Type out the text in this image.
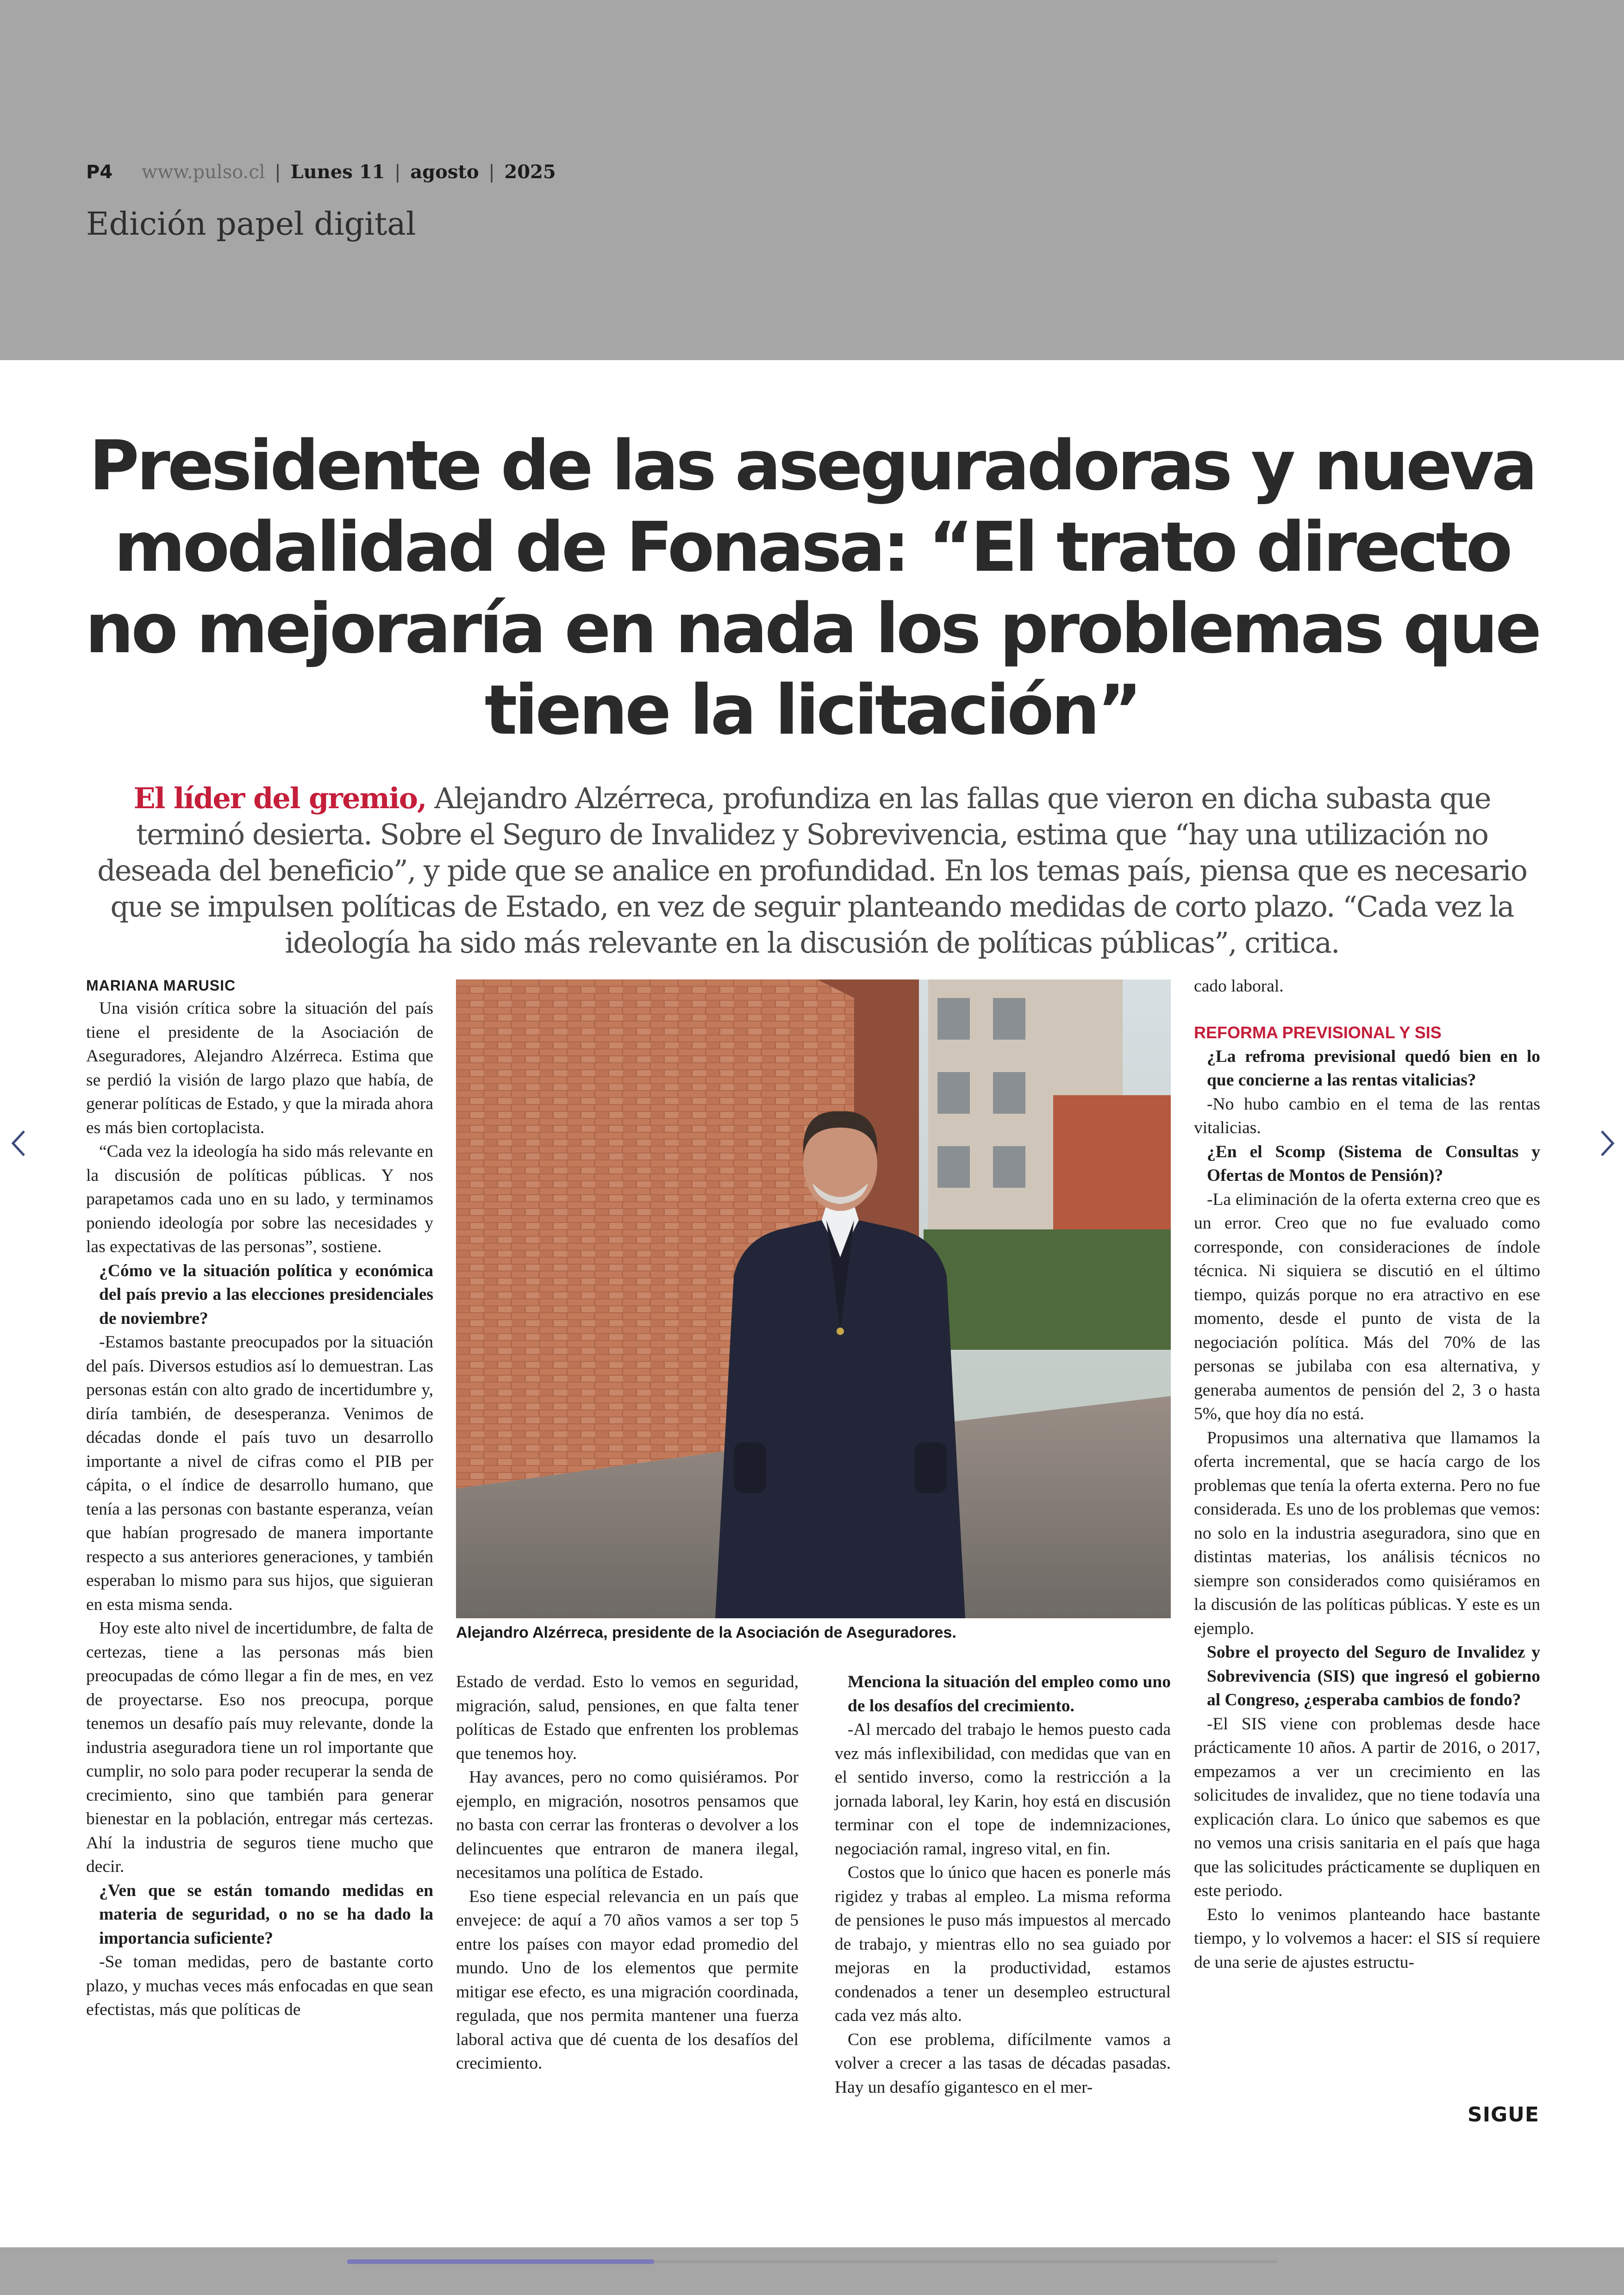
P4 www.pulso.cl | Lunes 11 | agosto | 2025
Edición papel digital
Presidente de las aseguradoras y nueva modalidad de Fonasa: “El trato directo no mejoraría en nada los problemas que tiene la licitación”

El líder del gremio, Alejandro Alzérreca, profundiza en las fallas que vieron en dicha subasta que terminó desierta. Sobre el Seguro de Invalidez y Sobrevivencia, estima que “hay una utilización no deseada del beneficio”, y pide que se analice en profundidad. En los temas país, piensa que es necesario que se impulsen políticas de Estado, en vez de seguir planteando medidas de corto plazo. “Cada vez la ideología ha sido más relevante en la discusión de políticas públicas”, critica.

MARIANA MARUSIC

Una visión crítica sobre la situación del país tiene el presidente de la Asociación de Aseguradores, Alejandro Alzérreca. Estima que se perdió la visión de largo plazo que había, de generar políticas de Estado, y que la mirada ahora es más bien cortoplacista.

“Cada vez la ideología ha sido más relevante en la discusión de políticas públicas. Y nos parapetamos cada uno en su lado, y terminamos poniendo ideología por sobre las necesidades y las expectativas de las personas”, sostiene.

¿Cómo ve la situación política y económica del país previo a las elecciones presidenciales de noviembre?

-Estamos bastante preocupados por la situación del país. Diversos estudios así lo demuestran. Las personas están con alto grado de incertidumbre y, diría también, de desesperanza. Venimos de décadas donde el país tuvo un desarrollo importante a nivel de cifras como el PIB per cápita, o el índice de desarrollo humano, que tenía a las personas con bastante esperanza, veían que habían progresado de manera importante respecto a sus anteriores generaciones, y también esperaban lo mismo para sus hijos, que siguieran en esta misma senda.

Hoy este alto nivel de incertidumbre, de falta de certezas, tiene a las personas más bien preocupadas de cómo llegar a fin de mes, en vez de proyectarse. Eso nos preocupa, porque tenemos un desafío país muy relevante, donde la industria aseguradora tiene un rol importante que cumplir, no solo para poder recuperar la senda de crecimiento, sino que también para generar bienestar en la población, entregar más certezas. Ahí la industria de seguros tiene mucho que decir.

¿Ven que se están tomando medidas en materia de seguridad, o no se ha dado la importancia suficiente?

-Se toman medidas, pero de bastante corto plazo, y muchas veces más enfocadas en que sean efectistas, más que políticas de

Alejandro Alzérreca, presidente de la Asociación de Aseguradores.

Estado de verdad. Esto lo vemos en seguridad, migración, salud, pensiones, en que falta tener políticas de Estado que enfrenten los problemas que tenemos hoy.

Hay avances, pero no como quisiéramos. Por ejemplo, en migración, nosotros pensamos que no basta con cerrar las fronteras o devolver a los delincuentes que entraron de manera ilegal, necesitamos una política de Estado.

Eso tiene especial relevancia en un país que envejece: de aquí a 70 años vamos a ser top 5 entre los países con mayor edad promedio del mundo. Uno de los elementos que permite mitigar ese efecto, es una migración coordinada, regulada, que nos permita mantener una fuerza laboral activa que dé cuenta de los desafíos del crecimiento.

Menciona la situación del empleo como uno de los desafíos del crecimiento.

-Al mercado del trabajo le hemos puesto cada vez más inflexibilidad, con medidas que van en el sentido inverso, como la restricción a la jornada laboral, ley Karin, hoy está en discusión terminar con el tope de indemnizaciones, negociación ramal, ingreso vital, en fin.

Costos que lo único que hacen es ponerle más rigidez y trabas al empleo. La misma reforma de pensiones le puso más impuestos al mercado de trabajo, y mientras ello no sea guiado por mejoras en la productividad, estamos condenados a tener un desempleo estructural cada vez más alto.

Con ese problema, difícilmente vamos a volver a crecer a las tasas de décadas pasadas. Hay un desafío gigantesco en el mer-

cado laboral.

REFORMA PREVISIONAL Y SIS

¿La refroma previsional quedó bien en lo que concierne a las rentas vitalicias?

-No hubo cambio en el tema de las rentas vitalicias.

¿En el Scomp (Sistema de Consultas y Ofertas de Montos de Pensión)?

-La eliminación de la oferta externa creo que es un error. Creo que no fue evaluado como corresponde, con consideraciones de índole técnica. Ni siquiera se discutió en el último tiempo, quizás porque no era atractivo en ese momento, desde el punto de vista de la negociación política. Más del 70% de las personas se jubilaba con esa alternativa, y generaba aumentos de pensión del 2, 3 o hasta 5%, que hoy día no está.

Propusimos una alternativa que llamamos la oferta incremental, que se hacía cargo de los problemas que tenía la oferta externa. Pero no fue considerada. Es uno de los problemas que vemos: no solo en la industria aseguradora, sino que en distintas materias, los análisis técnicos no siempre son considerados como quisiéramos en la discusión de las políticas públicas. Y este es un ejemplo.

Sobre el proyecto del Seguro de Invalidez y Sobrevivencia (SIS) que ingresó el gobierno al Congreso, ¿esperaba cambios de fondo?

-El SIS viene con problemas desde hace prácticamente 10 años. A partir de 2016, o 2017, empezamos a ver un crecimiento en las solicitudes de invalidez, que no tiene todavía una explicación clara. Lo único que sabemos es que no vemos una crisis sanitaria en el país que haga que las solicitudes prácticamente se dupliquen en este periodo.

Esto lo venimos planteando hace bastante tiempo, y lo volvemos a hacer: el SIS sí requiere de una serie de ajustes estructu-

SIGUE
